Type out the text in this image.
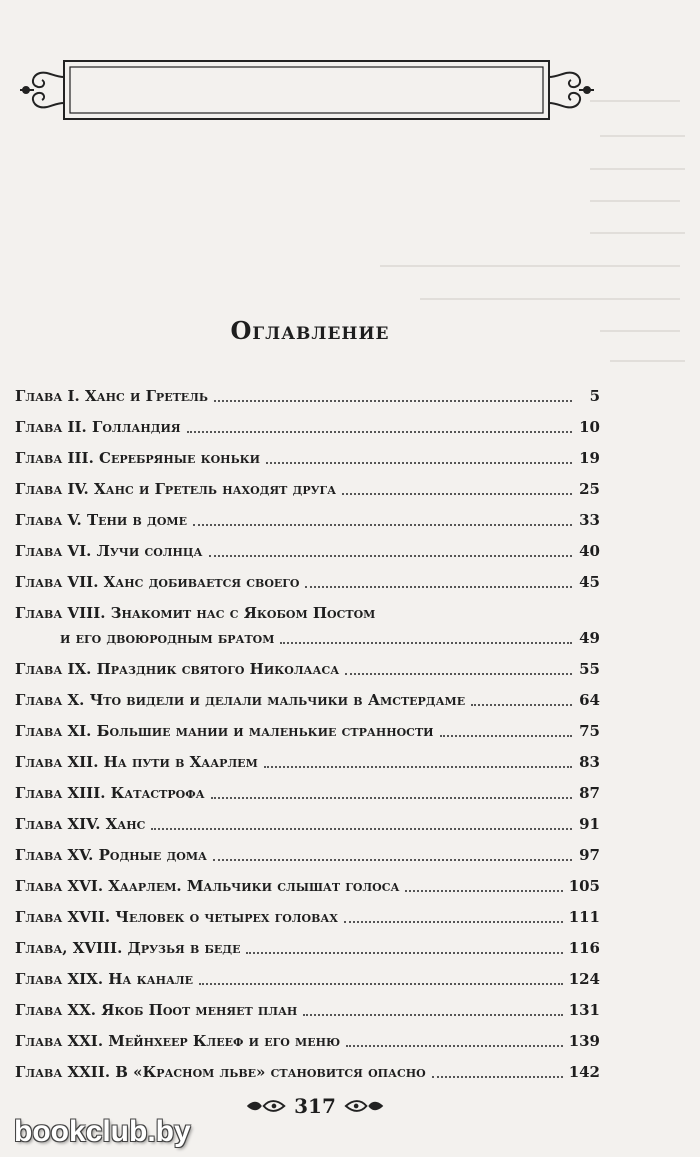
Оглавление
Глава I. Ханс и Гретель	5
Глава II. Голландия	10
Глава III. Серебряные коньки	19
Глава IV. Ханс и Гретель находят друга	25
Глава V. Тени в доме	33
Глава VI. Лучи солнца	40
Глава VII. Ханс добивается своего	45
Глава VIII. Знакомит нас с Якобом Постом
и его двоюродным братом	49
Глава IX. Праздник святого Николааса	55
Глава X. Что видели и делали мальчики в Амстердаме	64
Глава XI. Большие мании и маленькие странности	75
Глава XII. На пути в Хаарлем	83
Глава XIII. Катастрофа	87
Глава XIV. Ханс	91
Глава XV. Родные дома	97
Глава XVI. Хаарлем. Мальчики слышат голоса	105
Глава XVII. Человек о четырех головах	111
Глава, XVIII. Друзья в беде	116
Глава XIX. На канале	124
Глава XX. Якоб Поот меняет план	131
Глава XXI. Мейнхеер Клееф и его меню	139
Глава XXII. В «Красном льве» становится опасно	142
317
bookclub.by
